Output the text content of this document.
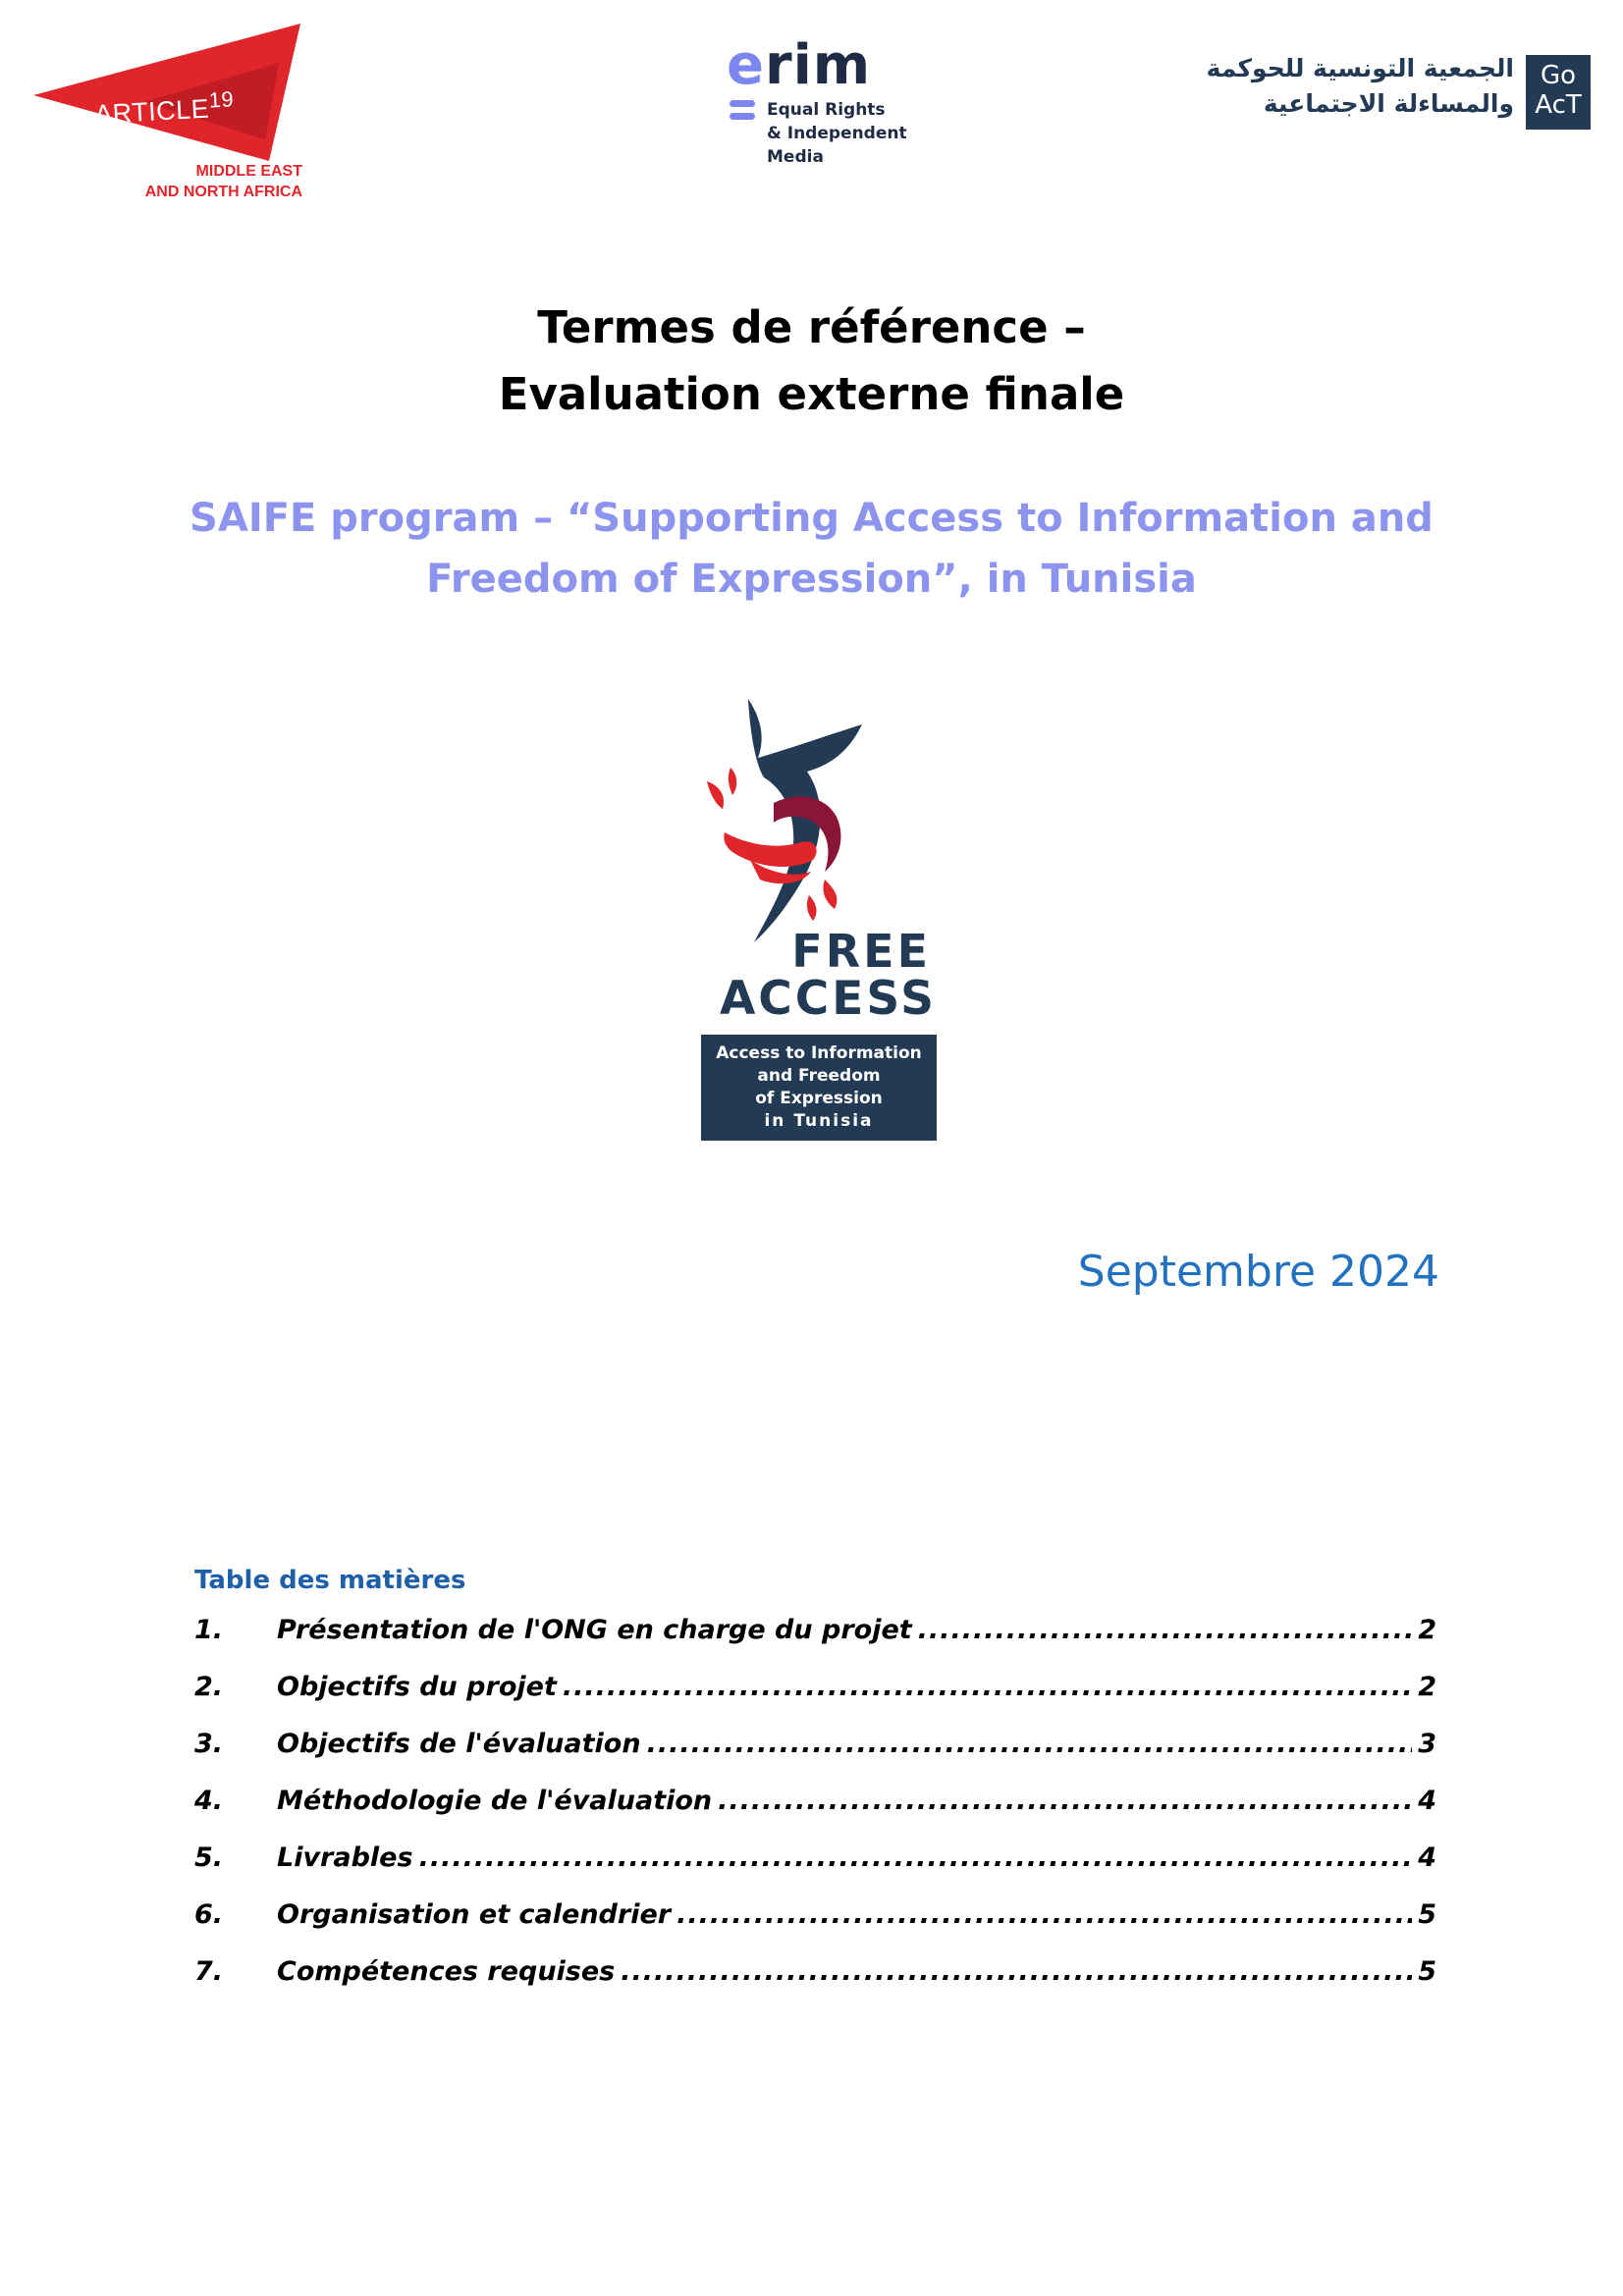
ARTICLE$^{19}$
MIDDLE EAST
AND NORTH AFRICA
erim
Equal Rights
& Independent
Media
الجمعية التونسية للحوكمة
والمساءلة الاجتماعية
Go
AcT
Termes de référence –
Evaluation externe finale
SAIFE program – “Supporting Access to Information and
Freedom of Expression”, in Tunisia
FREE
ACCESS
Access to Information
and Freedom
of Expression
in Tunisia

Septembre 2024

Table des matières
1.	Présentation de l'ONG en charge du projet .....	2
2.	Objectifs du projet .....	2
3.	Objectifs de l'évaluation .....	3
4.	Méthodologie de l'évaluation .....	4
5.	Livrables .....	4
6.	Organisation et calendrier .....	5
7.	Compétences requises .....	5
